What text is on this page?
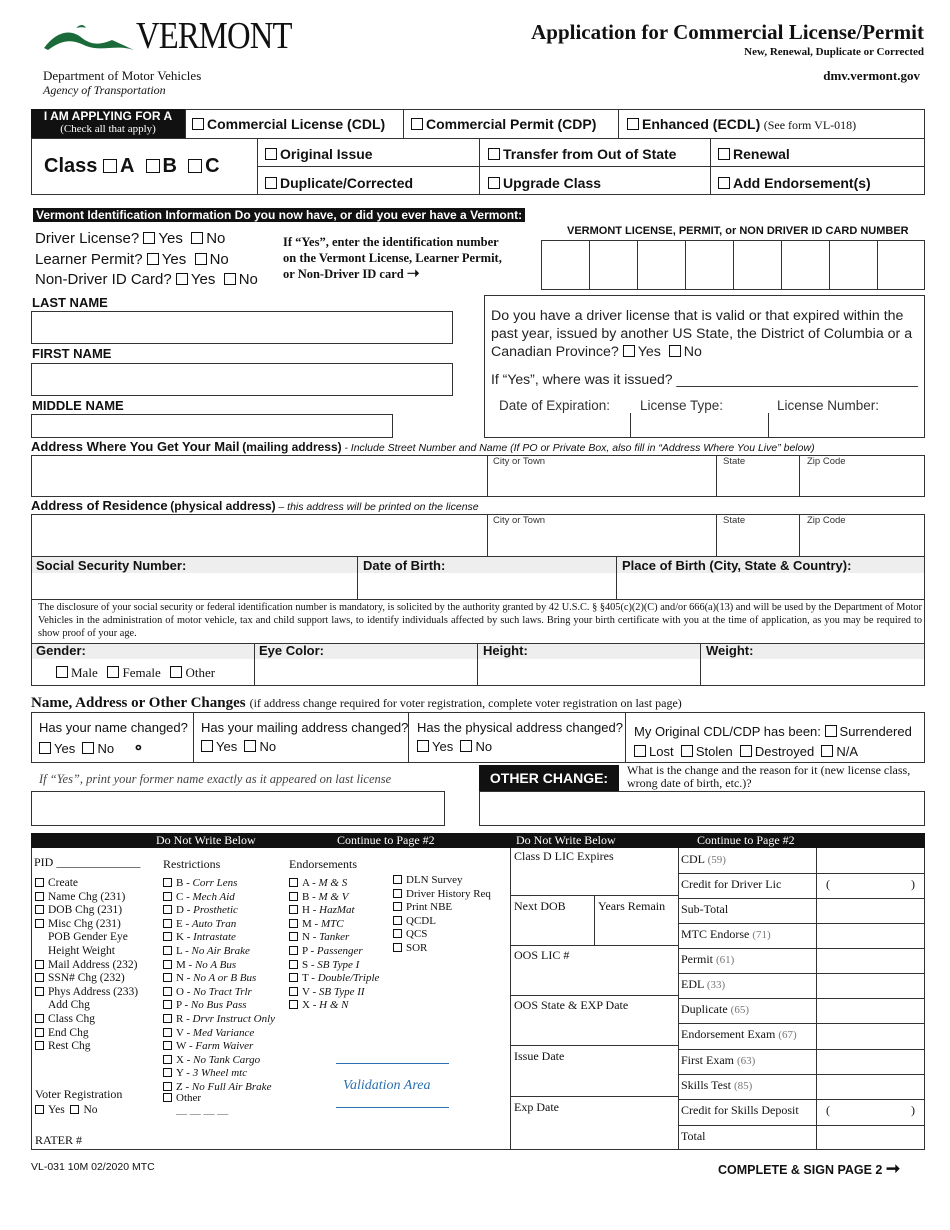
VERMONT
Department of Motor Vehicles
Agency of Transportation
Application for Commercial License/Permit
New, Renewal, Duplicate or Corrected
dmv.vermont.gov
I AM APPLYING FOR A
(Check all that apply)	Commercial License (CDL)	Commercial Permit (CDP)	Enhanced (ECDL) (See form VL-018)
Class A B C
Original Issue	Transfer from Out of State	Renewal
Duplicate/Corrected	Upgrade Class	Add Endorsement(s)
Vermont Identification Information Do you now have, or did you ever have a Vermont:
Driver License? Yes No
Learner Permit? Yes No
Non-Driver ID Card? Yes No
If “Yes”, enter the identification number
on the Vermont License, Learner Permit,
or Non-Driver ID card ➝
VERMONT LICENSE, PERMIT, or NON DRIVER ID CARD NUMBER
LAST NAME
FIRST NAME
MIDDLE NAME
Do you have a driver license that is valid or that expired within the past year, issued by another US State, the District of Columbia or a Canadian Province? Yes No
If “Yes”, where was it issued? _______________________________
Date of Expiration: License Type:	License Number:
Address Where You Get Your Mail (mailing address) - Include Street Number and Name (If PO or Private Box, also fill in “Address Where You Live” below)
City or Town	State	Zip Code
Address of Residence (physical address) – this address will be printed on the license
City or Town	State	Zip Code
Social Security Number:	Date of Birth:	Place of Birth (City, State & Country):
The disclosure of your social security or federal identification number is mandatory, is solicited by the authority granted by 42 U.S.C. § §405(c)(2)(C) and/or 666(a)(13) and will be used by the Department of Motor Vehicles in the administration of motor vehicle, tax and child support laws, to identify individuals affected by such laws. Bring your birth certificate with you at the time of application, as you may be required to show proof of your age.
Gender:	Eye Color:	Height:	Weight:
Male Female Other
Name, Address or Other Changes (if address change required for voter registration, complete voter registration on last page)
Has your name changed?
Yes No ⚬
Has your mailing address changed?
Yes No
Has the physical address changed?
Yes No
My Original CDL/CDP has been: Surrendered
Lost Stolen Destroyed N/A
If “Yes”, print your former name exactly as it appeared on last license	OTHER CHANGE:	What is the change and the reason for it (new license class, wrong date of birth, etc.)?
Do Not Write Below	Continue to Page #2	Do Not Write Below	Continue to Page #2
PID ______________
Create
Name Chg (231)
DOB Chg (231)
Misc Chg (231)
POB Gender Eye
Height Weight
Mail Address (232)
SSN# Chg (232)
Phys Address (233)
Add Chg
Class Chg
End Chg
Rest Chg
Voter Registration
Yes No
RATER #
Restrictions
B - Corr Lens
C - Mech Aid
D - Prosthetic
E - Auto Tran
K - Intrastate
L - No Air Brake
M - No A Bus
N - No A or B Bus
O - No Tract Trlr
P - No Bus Pass
R - Drvr Instruct Only
V - Med Variance
W - Farm Waiver
X - No Tank Cargo
Y - 3 Wheel mtc
Z - No Full Air Brake
Other
— — — —
Endorsements
A - M & S
B - M & V
H - HazMat
M - MTC
N - Tanker
P - Passenger
S - SB Type I
T - Double/Triple
V - SB Type II
X - H & N
DLN Survey
Driver History Req
Print NBE
QCDL
QCS
SOR
Validation Area
Class D LIC Expires
Next DOB	Years Remain
OOS LIC #
OOS State & EXP Date
Issue Date
Exp Date
CDL (59)
Credit for Driver Lic	(	)
Sub-Total
MTC Endorse (71)
Permit (61)
EDL (33)
Duplicate (65)
Endorsement Exam (67)
First Exam (63)
Skills Test (85)
Credit for Skills Deposit (	)
Total
VL-031 10M 02/2020 MTC	COMPLETE & SIGN PAGE 2 ➞
